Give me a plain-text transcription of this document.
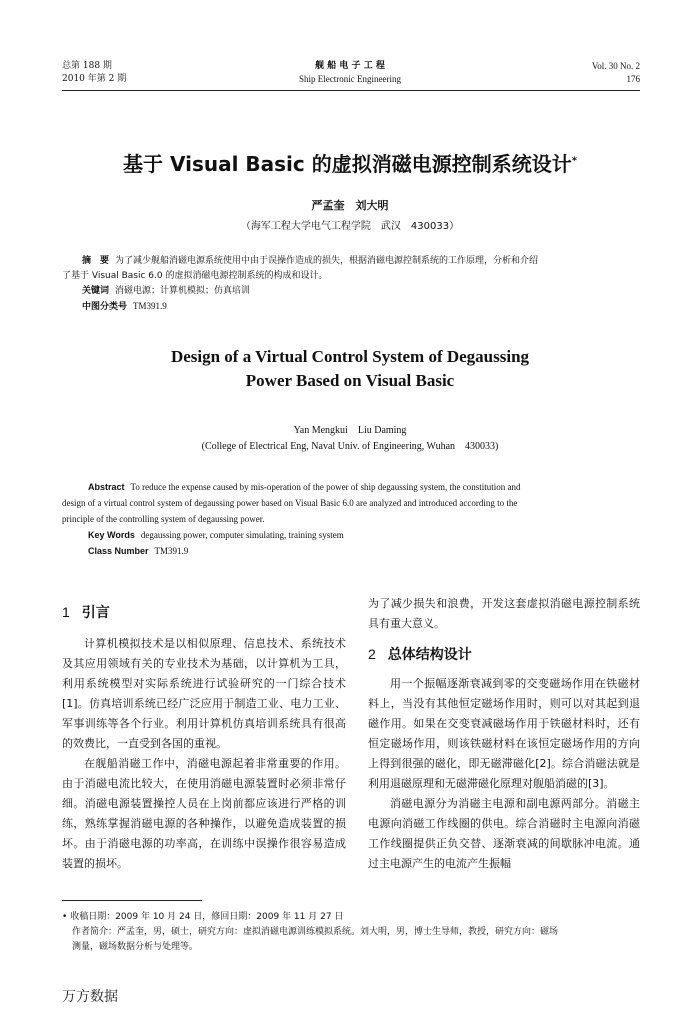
总第 188 期
2010 年第 2 期
舰 船 电 子 工 程
Ship Electronic Engineering
Vol. 30 No. 2
176
基于 Visual Basic 的虚拟消磁电源控制系统设计*
严孟奎　刘大明
（海军工程大学电气工程学院　武汉　430033）

摘　要 为了减少舰船消磁电源系统使用中由于误操作造成的损失，根据消磁电源控制系统的工作原理，分析和介绍

了基于 Visual Basic 6.0 的虚拟消磁电源控制系统的构成和设计。

关键词 消磁电源；计算机模拟；仿真培训

中图分类号 TM391.9

Design of a Virtual Control System of Degaussing
Power Based on Visual Basic
Yan Mengkui　Liu Daming
(College of Electrical Eng, Naval Univ. of Engineering, Wuhan　430033)

Abstract To reduce the expense caused by mis-operation of the power of ship degaussing system, the constitution and

design of a virtual control system of degaussing power based on Visual Basic 6.0 are analyzed and introduced according to the

principle of the controlling system of degaussing power.

Key Words degaussing power, computer simulating, training system

Class Number TM391.9

1 引言

计算机模拟技术是以相似原理、信息技术、系统技术及其应用领域有关的专业技术为基础，以计算机为工具，利用系统模型对实际系统进行试验研究的一门综合技术[1]。仿真培训系统已经广泛应用于制造工业、电力工业、军事训练等各个行业。利用计算机仿真培训系统具有很高的效费比，一直受到各国的重视。

在舰船消磁工作中，消磁电源起着非常重要的作用。由于消磁电流比较大，在使用消磁电源装置时必须非常仔细。消磁电源装置操控人员在上岗前都应该进行严格的训练，熟练掌握消磁电源的各种操作，以避免造成装置的损坏。由于消磁电源的功率高，在训练中误操作很容易造成装置的损坏。

为了减少损失和浪费，开发这套虚拟消磁电源控制系统具有重大意义。

2 总体结构设计

用一个振幅逐渐衰减到零的交变磁场作用在铁磁材料上，当没有其他恒定磁场作用时，则可以对其起到退磁作用。如果在交变衰减磁场作用于铁磁材料时，还有恒定磁场作用，则该铁磁材料在该恒定磁场作用的方向上得到很强的磁化，即无磁滞磁化[2]。综合消磁法就是利用退磁原理和无磁滞磁化原理对舰船消磁的[3]。

消磁电源分为消磁主电源和副电源两部分。消磁主电源向消磁工作线圈的供电。综合消磁时主电源向消磁工作线圈提供正负交替、逐渐衰减的间歇脉冲电流。通过主电源产生的电流产生振幅

• 收稿日期：2009 年 10 月 24 日，修回日期：2009 年 11 月 27 日

作者简介：严孟奎，男，硕士，研究方向：虚拟消磁电源训练模拟系统。刘大明，男，博士生导师，教授，研究方向：磁场

测量，磁场数据分析与处理等。

万方数据
